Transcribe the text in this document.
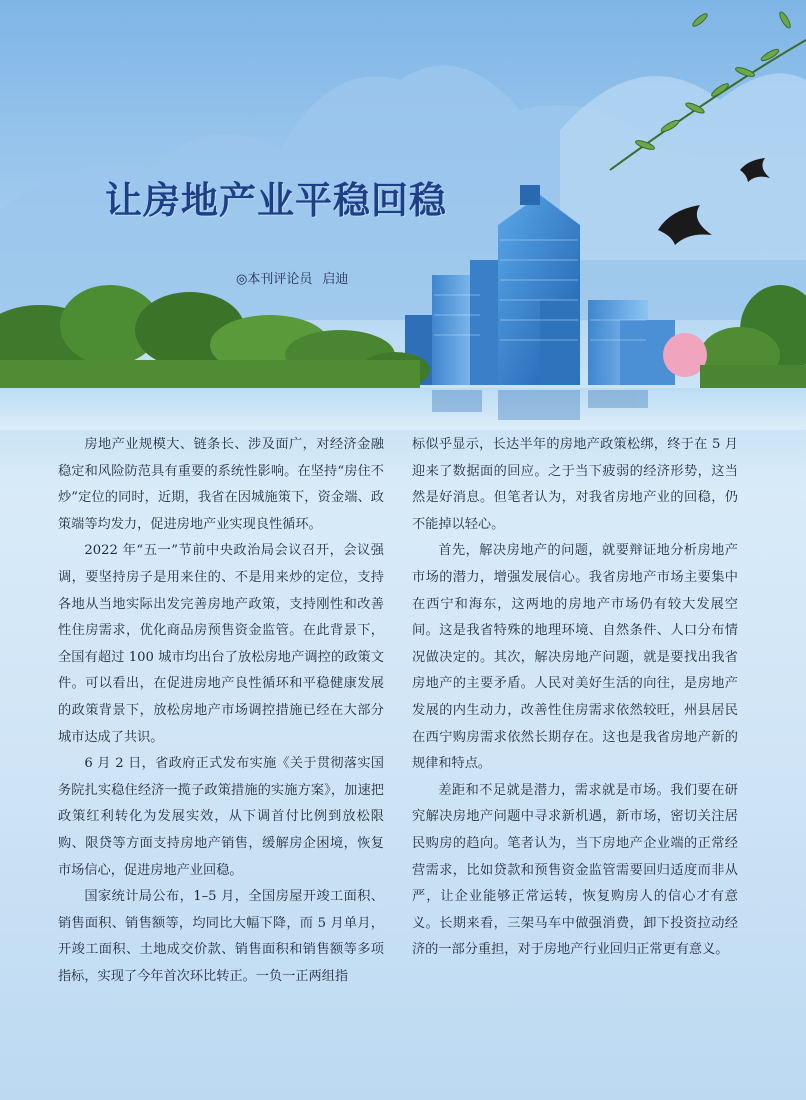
让房地产业平稳回稳
◎本刊评论员 启迪

房地产业规模大、链条长、涉及面广，对经济金融稳定和风险防范具有重要的系统性影响。在坚持“房住不炒”定位的同时，近期，我省在因城施策下，资金端、政策端等均发力，促进房地产业实现良性循环。

2022 年“五一”节前中央政治局会议召开，会议强调，要坚持房子是用来住的、不是用来炒的定位，支持各地从当地实际出发完善房地产政策，支持刚性和改善性住房需求，优化商品房预售资金监管。在此背景下，全国有超过 100 城市均出台了放松房地产调控的政策文件。可以看出，在促进房地产良性循环和平稳健康发展的政策背景下，放松房地产市场调控措施已经在大部分城市达成了共识。

6 月 2 日，省政府正式发布实施《关于贯彻落实国务院扎实稳住经济一揽子政策措施的实施方案》，加速把政策红利转化为发展实效，从下调首付比例到放松限购、限贷等方面支持房地产销售，缓解房企困境，恢复市场信心，促进房地产业回稳。

国家统计局公布，1–5 月，全国房屋开竣工面积、销售面积、销售额等，均同比大幅下降，而 5 月单月，开竣工面积、土地成交价款、销售面积和销售额等多项指标，实现了今年首次环比转正。一负一正两组指

标似乎显示，长达半年的房地产政策松绑，终于在 5 月迎来了数据面的回应。之于当下疲弱的经济形势，这当然是好消息。但笔者认为，对我省房地产业的回稳，仍不能掉以轻心。

首先，解决房地产的问题，就要辩证地分析房地产市场的潜力，增强发展信心。我省房地产市场主要集中在西宁和海东，这两地的房地产市场仍有较大发展空间。这是我省特殊的地理环境、自然条件、人口分布情况做决定的。其次，解决房地产问题，就是要找出我省房地产的主要矛盾。人民对美好生活的向往，是房地产发展的内生动力，改善性住房需求依然较旺，州县居民在西宁购房需求依然长期存在。这也是我省房地产新的规律和特点。

差距和不足就是潜力，需求就是市场。我们要在研究解决房地产问题中寻求新机遇，新市场，密切关注居民购房的趋向。笔者认为，当下房地产企业端的正常经营需求，比如贷款和预售资金监管需要回归适度而非从严，让企业能够正常运转，恢复购房人的信心才有意义。长期来看，三架马车中做强消费，卸下投资拉动经济的一部分重担，对于房地产行业回归正常更有意义。
